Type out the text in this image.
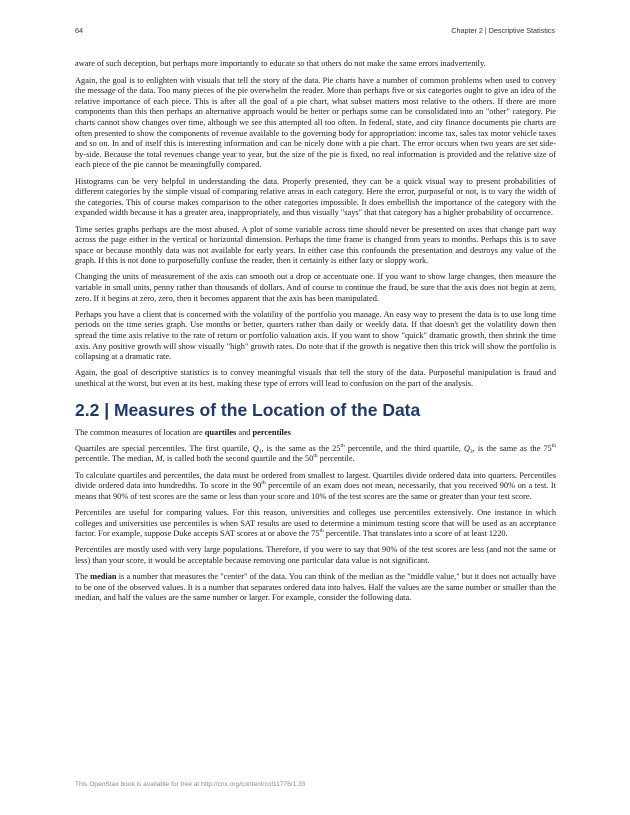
64	Chapter 2 | Descriptive Statistics

aware of such deception, but perhaps more importantly to educate so that others do not make the same errors inadvertently.

Again, the goal is to enlighten with visuals that tell the story of the data. Pie charts have a number of common problems when used to convey the message of the data. Too many pieces of the pie overwhelm the reader. More than perhaps five or six categories ought to give an idea of the relative importance of each piece. This is after all the goal of a pie chart, what subset matters most relative to the others. If there are more components than this then perhaps an alternative approach would be better or perhaps some can be consolidated into an "other" category. Pie charts cannot show changes over time, although we see this attempted all too often. In federal, state, and city finance documents pie charts are often presented to show the components of revenue available to the governing body for appropriation: income tax, sales tax motor vehicle taxes and so on. In and of itself this is interesting information and can be nicely done with a pie chart. The error occurs when two years are set side-by-side. Because the total revenues change year to year, but the size of the pie is fixed, no real information is provided and the relative size of each piece of the pie cannot be meaningfully compared.

Histograms can be very helpful in understanding the data. Properly presented, they can be a quick visual way to present probabilities of different categories by the simple visual of comparing relative areas in each category. Here the error, purposeful or not, is to vary the width of the categories. This of course makes comparison to the other categories impossible. It does embellish the importance of the category with the expanded width because it has a greater area, inappropriately, and thus visually "says" that that category has a higher probability of occurrence.

Time series graphs perhaps are the most abused. A plot of some variable across time should never be presented on axes that change part way across the page either in the vertical or horizontal dimension. Perhaps the time frame is changed from years to months. Perhaps this is to save space or because monthly data was not available for early years. In either case this confounds the presentation and destroys any value of the graph. If this is not done to purposefully confuse the reader, then it certainly is either lazy or sloppy work.

Changing the units of measurement of the axis can smooth out a drop or accentuate one. If you want to show large changes, then measure the variable in small units, penny rather than thousands of dollars. And of course to continue the fraud, be sure that the axis does not begin at zero, zero. If it begins at zero, zero, then it becomes apparent that the axis has been manipulated.

Perhaps you have a client that is concerned with the volatility of the portfolio you manage. An easy way to present the data is to use long time periods on the time series graph. Use months or better, quarters rather than daily or weekly data. If that doesn't get the volatility down then spread the time axis relative to the rate of return or portfolio valuation axis. If you want to show "quick" dramatic growth, then shrink the time axis. Any positive growth will show visually "high" growth rates. Do note that if the growth is negative then this trick will show the portfolio is collapsing at a dramatic rate.

Again, the goal of descriptive statistics is to convey meaningful visuals that tell the story of the data. Purposeful manipulation is fraud and unethical at the worst, but even at its best, making these type of errors will lead to confusion on the part of the analysis.

2.2 | Measures of the Location of the Data

The common measures of location are quartiles and percentiles

Quartiles are special percentiles. The first quartile, $Q_1$, is the same as the 25th percentile, and the third quartile, $Q_3$, is the same as the 75th percentile. The median, M, is called both the second quartile and the 50th percentile.

To calculate quartiles and percentiles, the data must be ordered from smallest to largest. Quartiles divide ordered data into quarters. Percentiles divide ordered data into hundredths. To score in the 90th percentile of an exam does not mean, necessarily, that you received 90% on a test. It means that 90% of test scores are the same or less than your score and 10% of the test scores are the same or greater than your test score.

Percentiles are useful for comparing values. For this reason, universities and colleges use percentiles extensively. One instance in which colleges and universities use percentiles is when SAT results are used to determine a minimum testing score that will be used as an acceptance factor. For example, suppose Duke accepts SAT scores at or above the 75th percentile. That translates into a score of at least 1220.

Percentiles are mostly used with very large populations. Therefore, if you were to say that 90% of the test scores are less (and not the same or less) than your score, it would be acceptable because removing one particular data value is not significant.

The median is a number that measures the "center" of the data. You can think of the median as the "middle value," but it does not actually have to be one of the observed values. It is a number that separates ordered data into halves. Half the values are the same number or smaller than the median, and half the values are the same number or larger. For example, consider the following data.

This OpenStax book is available for free at http://cnx.org/content/col11776/1.33
